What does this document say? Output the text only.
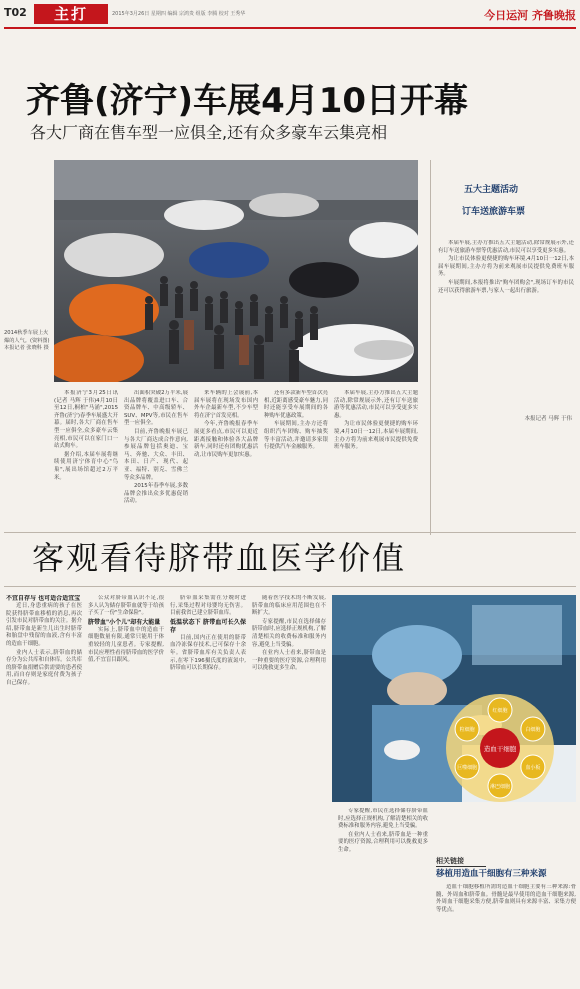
T02	主打	2015年3月26日 星期四 编辑 宗鸿贵 组版 李腾 校对 王秀华	今日运河 齐鲁晚报
齐鲁(济宁)车展4月10日开幕
各大厂商在售车型一应俱全,还有众多豪车云集亮相
2014秋季车展上火爆的人气。(资料图)本报记者 张晓科 摄

本报济宁3月25日讯(记者 马辉 于伟)4月10日至12日,桐柏"马涌",2015齐鲁(济宁)春季车展盛大开幕。届时,各大厂商在售车型一应俱全,众多豪车云集亮相,市民可以在家门口一站式购车。

据介绍,本届车展将继续使用济宁体育中心"鸟巢",展出场馆超过2万平米。

出面积突破2万平米,展出品牌将覆盖进口车、合资品牌车、中高级轿车、SUV、MPV等,市民在售车型一应俱全。

目前,齐鲁晚报车展已与各大厂商达成合作意向,参展品牌包括奥迪、宝马、奔驰、大众、丰田、本田、日产、现代、起亚、福特、别克、雪佛兰等众多品牌。

2015年春季车展,多数品牌会推出众多优惠促销活动。

来车辆的上会展前,本届车展将在现场发布国内外车企最新车型,不少车型将在济宁首发亮相。

今年,齐鲁晚报春季车展更多看点,市民可以更近距离接触和体验各大品牌新车,同时还有团购优惠活动,让市民购车更加实惠。

还有多款新车型首次亮相,近距离感受豪车魅力,同时还能享受车展期间的各种购车优惠政策。

车展期间,主办方还将组织汽车团购、购车抽奖等丰富活动,并邀请多家银行提供汽车金融服务。

本届车展,主办方推出五大主题活动,除常规展示外,还有订车送旅游等优惠活动,市民可以享受更多实惠。

为让市民体验更便捷的购车环境,4月10日一12日,本届车展期间,主办方将为前来观展市民提供免费班车服务。

五大主题活动
订车送旅游车票

本届车展,主办方推出五大主题活动,除常规展示外,还有订车送旅游车票等优惠活动,市民可以享受更多实惠。

为让市民体验更便捷的购车环境,4月10日一12日,本届车展期间,主办方将为前来观展市民提供免费班车服务。

车展期间,本报将推出"购车团购会",现场订车的市民还可以获得旅游车票,与家人一起出行旅游。

本报记者 马辉 于伟
客观看待脐带血医学价值
不宜自存与 也可适合适宜宝

近日,身患重病的孩子在医院获得脐带血移植的消息,再次引发市民对脐带血的关注。据介绍,脐带血是新生儿出生时脐带和胎盘中残留的血液,含有丰富的造血干细胞。

业内人士表示,脐带血的储存分为公共库和自体库。公共库的脐带血捐赠后供需要的患者使用,而自存则是家庭付费为孩子自己保存。

公众对脐带血认识不足,很多人认为储存脐带血就等于给孩子买了一份"生命保险"。

脐带血"小个儿"却有大能量

实际上,脐带血中的造血干细胞数量有限,通常只能用于体重较轻的儿童患者。专家提醒,市民应理性看待脐带血的医学价值,不宜盲目跟风。

脐带血采集需在分娩时进行,采集过程对母婴均无伤害。目前我省已建立脐带血库。

低温状态下 脐带血可长久保存

目前,国内正在使用的脐带血冷冻保存技术,已可保存十余年。省脐带血库有关负责人表示,在零下196摄氏度的液氮中,脐带血可以长期保存。

随着医学技术的不断发展,脐带血的临床应用范围也在不断扩大。

专家提醒,市民在选择储存脐带血时,应选择正规机构,了解清楚相关的收费标准和服务内容,避免上当受骗。

在业内人士看来,脐带血是一种重要的医疗资源,合理利用可以挽救更多生命。

造血干细胞
红细胞
白细胞
血小板
淋巴细胞
巨噬细胞
粒细胞

专家提醒,市民在选择储存脐带血时,应选择正规机构,了解清楚相关的收费标准和服务内容,避免上当受骗。

在业内人士看来,脐带血是一种重要的医疗资源,合理利用可以挽救更多生命。

相关链接
移植用造血干细胞有三种来源

造血干细胞移植所需的造血干细胞主要有三种来源:骨髓、外周血和脐带血。骨髓是最早使用的造血干细胞来源,外周血干细胞采集方便,脐带血则具有来源丰富、采集方便等优点。
